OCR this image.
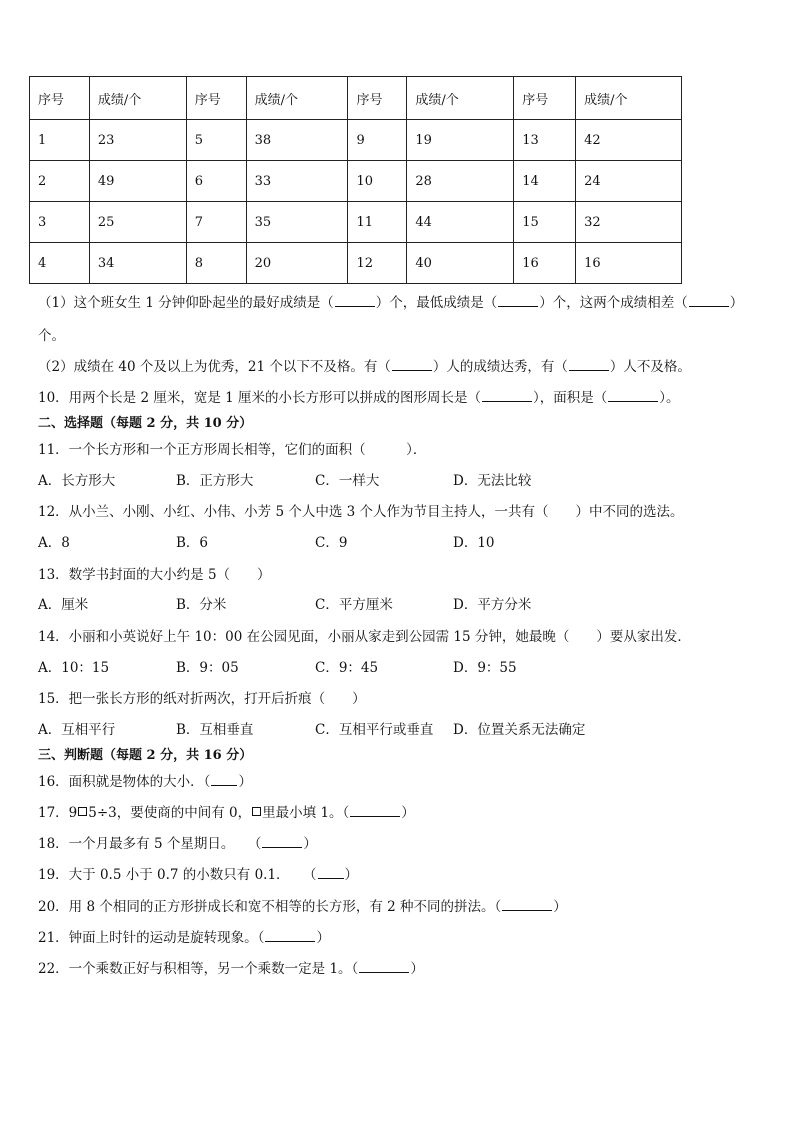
序号	成绩/个	序号	成绩/个	序号	成绩/个	序号	成绩/个
1	23	5	38	9	19	13	42
2	49	6	33	10	28	14	24
3	25	7	35	11	44	15	32
4	34	8	20	12	40	16	16
（1）这个班女生 1 分钟仰卧起坐的最好成绩是（	）个，最低成绩是（	）个，这两个成绩相差（	）
个。
（2）成绩在 40 个及以上为优秀，21 个以下不及格。有（	）人的成绩达秀，有（	）人不及格。
10．用两个长是 2 厘米，宽是 1 厘米的小长方形可以拼成的图形周长是（	），面积是（	）。
二、选择题（每题 2 分，共 10 分）
11．一个长方形和一个正方形周长相等，它们的面积（　　　）．
A．长方形大	B．正方形大	C．一样大	D．无法比较
12．从小兰、小刚、小红、小伟、小芳 5 个人中选 3 个人作为节目主持人，一共有（　　）中不同的选法。
A．8	B．6	C．9	D．10
13．数学书封面的大小约是 5（　　）
A．厘米	B．分米	C．平方厘米	D．平方分米
14．小丽和小英说好上午 10：00 在公园见面，小丽从家走到公园需 15 分钟，她最晚（　　）要从家出发．
A．10：15	B．9：05	C．9：45	D．9：55
15．把一张长方形的纸对折两次，打开后折痕（　　）
A．互相平行	B．互相垂直	C．互相平行或垂直 D．位置关系无法确定
三、判断题（每题 2 分，共 16 分）
16．面积就是物体的大小．（ ）
17．9 5÷3，要使商的中间有 0， 里最小填 1。（	）
18．一个月最多有 5 个星期日。　　（	）
19．大于 0.5 小于 0.7 的小数只有 0.1．　　（ ）
20．用 8 个相同的正方形拼成长和宽不相等的长方形，有 2 种不同的拼法。（	）
21．钟面上时针的运动是旋转现象。（	）
22．一个乘数正好与积相等，另一个乘数一定是 1。（	）
